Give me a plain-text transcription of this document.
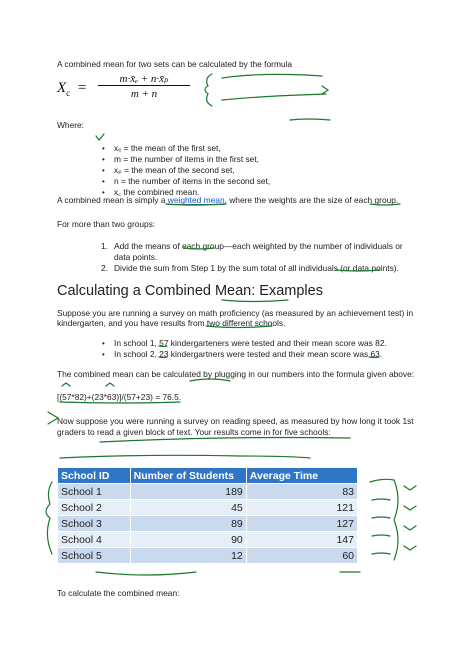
A combined mean for two sets can be calculated by the formula
$X_c$ =
m·x̄ₑ + n·x̄ₚ
m + n
Where:
• xₑ = the mean of the first set,
• m = the number of items in the first set,
• xₚ = the mean of the second set,
• n = the number of items in the second set,
• x꜀ the combined mean.
A combined mean is simply a weighted mean, where the weights are the size of each group.
For more than two groups:
1. Add the means of each group—each weighted by the number of individuals or
data points.
2. Divide the sum from Step 1 by the sum total of all individuals (or data points).
Calculating a Combined Mean: Examples
Suppose you are running a survey on math proficiency (as measured by an achievement test) in
kindergarten, and you have results from two different schools.
• In school 1, 57 kindergarteners were tested and their mean score was 82.
• In school 2, 23 kindergartners were tested and their mean score was 63.
The combined mean can be calculated by plugging in our numbers into the formula given above:
[(57*82)+(23*63)]/(57+23) = 76.5.
Now suppose you were running a survey on reading speed, as measured by how long it took 1st
graders to read a given block of text. Your results come in for five schools:
School ID	Number of Students	Average Time
School 1	189	83
School 2	45	121
School 3	89	127
School 4	90	147
School 5	12	60
To calculate the combined mean:
